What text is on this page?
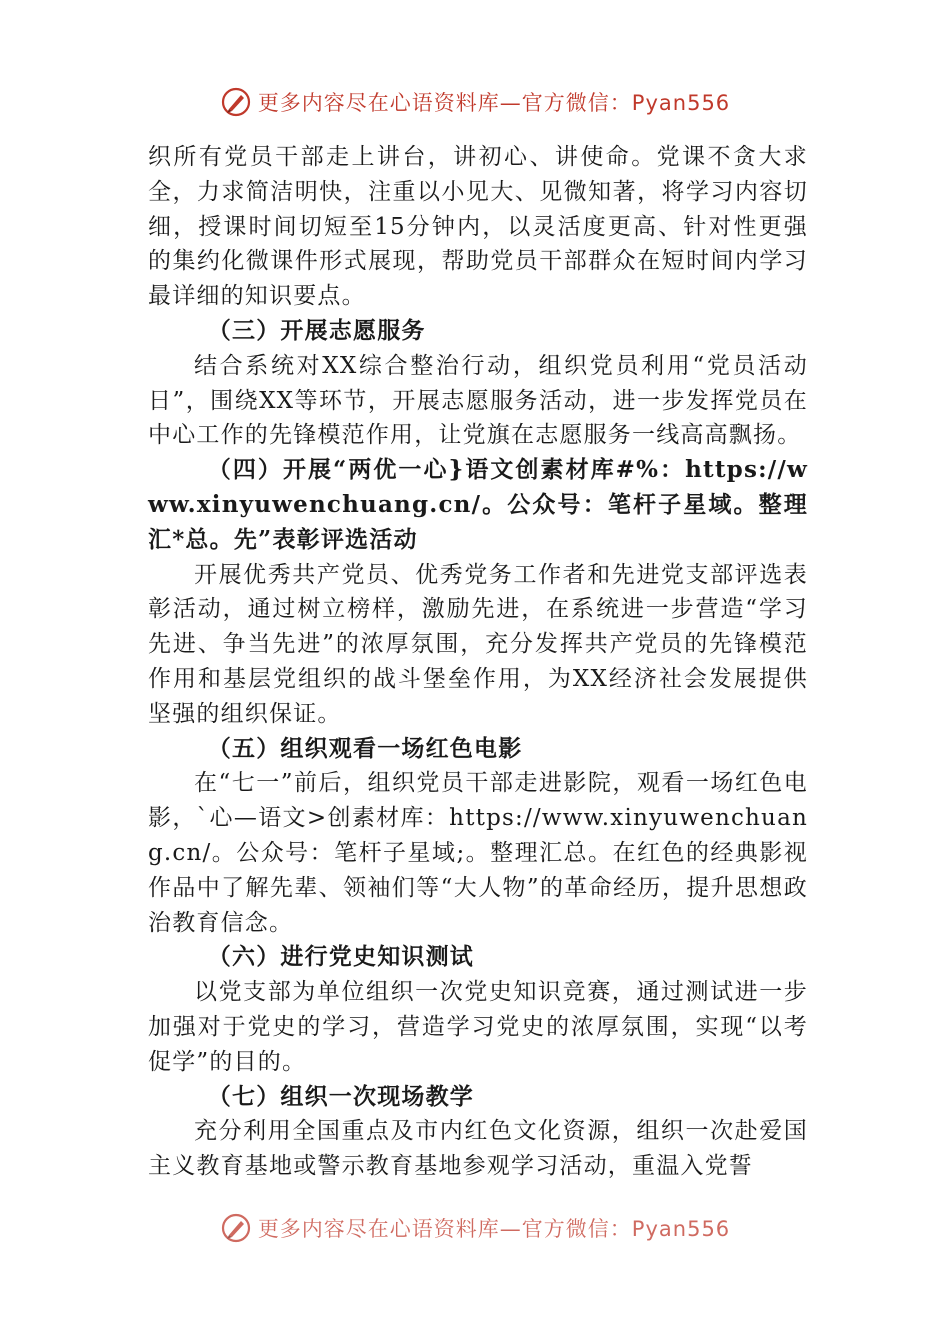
更多内容尽在心语资料库—官方微信：Pyan556

织所有党员干部走上讲台，讲初心、讲使命。党课不贪大求全，力求简洁明快，注重以小见大、见微知著，将学习内容切细，授课时间切短至15分钟内，以灵活度更高、针对性更强的集约化微课件形式展现，帮助党员干部群众在短时间内学习最详细的知识要点。

（三）开展志愿服务

结合系统对XX综合整治行动，组织党员利用“党员活动日”，围绕XX等环节，开展志愿服务活动，进一步发挥党员在中心工作的先锋模范作用，让党旗在志愿服务一线高高飘扬。

（四）开展“两优一心}语文创素材库#%：https://www.xinyuwenchuang.cn/。公众号：笔杆子星域。整理汇*总。先”表彰评选活动

开展优秀共产党员、优秀党务工作者和先进党支部评选表彰活动，通过树立榜样，激励先进，在系统进一步营造“学习先进、争当先进”的浓厚氛围，充分发挥共产党员的先锋模范作用和基层党组织的战斗堡垒作用，为XX经济社会发展提供坚强的组织保证。

（五）组织观看一场红色电影

在“七一”前后，组织党员干部走进影院，观看一场红色电影，`心—语文>创素材库：https://www.xinyuwenchuang.cn/。公众号：笔杆子星域;。整理汇总。在红色的经典影视作品中了解先辈、领袖们等“大人物”的革命经历，提升思想政治教育信念。

（六）进行党史知识测试

以党支部为单位组织一次党史知识竞赛，通过测试进一步加强对于党史的学习，营造学习党史的浓厚氛围，实现“以考促学”的目的。

（七）组织一次现场教学

充分利用全国重点及市内红色文化资源，组织一次赴爱国主义教育基地或警示教育基地参观学习活动，重温入党誓

更多内容尽在心语资料库—官方微信：Pyan556
